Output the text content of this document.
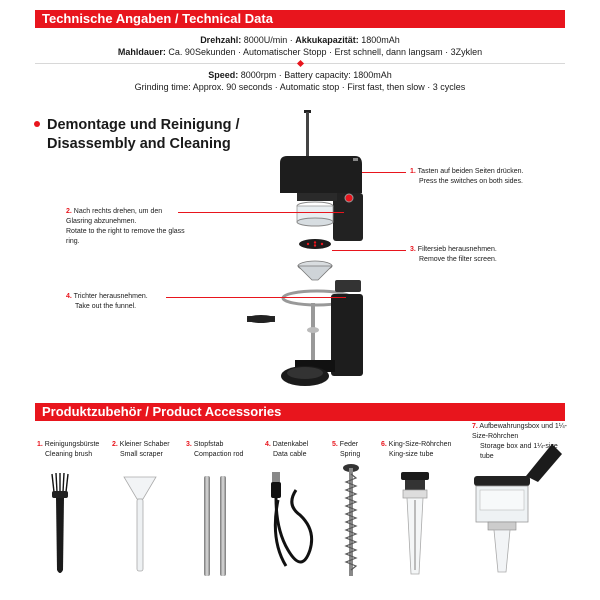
Technische Angaben / Technical Data
Drehzahl: 8000U/min · Akkukapazität: 1800mAh
Mahldauer: Ca. 90Sekunden · Automatischer Stopp · Erst schnell, dann langsam · 3Zyklen
Speed: 8000rpm · Battery capacity: 1800mAh
Grinding time: Approx. 90 seconds · Automatic stop · First fast, then slow · 3 cycles
Demontage und Reinigung /
Disassembly and Cleaning
1. Tasten auf beiden Seiten drücken.
Press the switches on both sides.
2. Nach rechts drehen, um den Glasring abzunehmen.
Rotate to the right to remove the glass ring.
3. Filtersieb herausnehmen.
Remove the filter screen.
4. Trichter herausnehmen.
Take out the funnel.
Produktzubehör / Product Accessories
1. Reinigungsbürste
Cleaning brush
2. Kleiner Schaber
Small scraper
3. Stopfstab
Compaction rod
4. Datenkabel
Data cable
5. Feder
Spring
6. King-Size-Röhrchen
King-size tube
7. Aufbewahrungsbox und 1¼-Size-Röhrchen
Storage box and 1¼-size tube
